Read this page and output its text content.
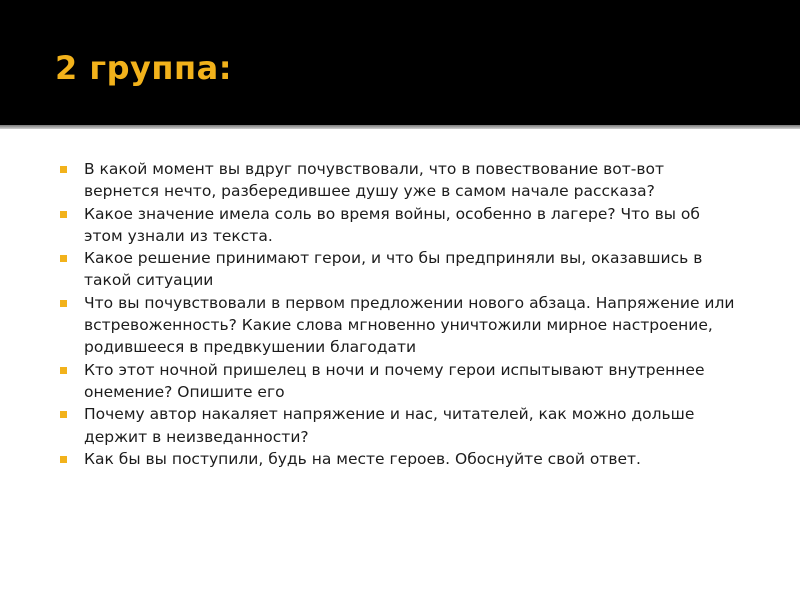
2 группа:
В какой момент вы вдруг почувствовали, что в повествование вот-вот вернется нечто, разбередившее душу уже в самом начале рассказа?
Какое значение имела соль во время войны, особенно в лагере? Что вы об этом узнали из текста.
Какое решение принимают герои, и что бы предприняли вы, оказавшись в такой ситуации
Что вы почувствовали в первом предложении нового абзаца. Напряжение или встревоженность? Какие слова мгновенно уничтожили мирное настроение, родившееся в предвкушении благодати
Кто этот ночной пришелец в ночи и почему герои испытывают внутреннее онемение? Опишите его
Почему автор накаляет напряжение и нас, читателей, как можно дольше держит в неизведанности?
Как бы вы поступили, будь на месте героев. Обоснуйте свой ответ.
